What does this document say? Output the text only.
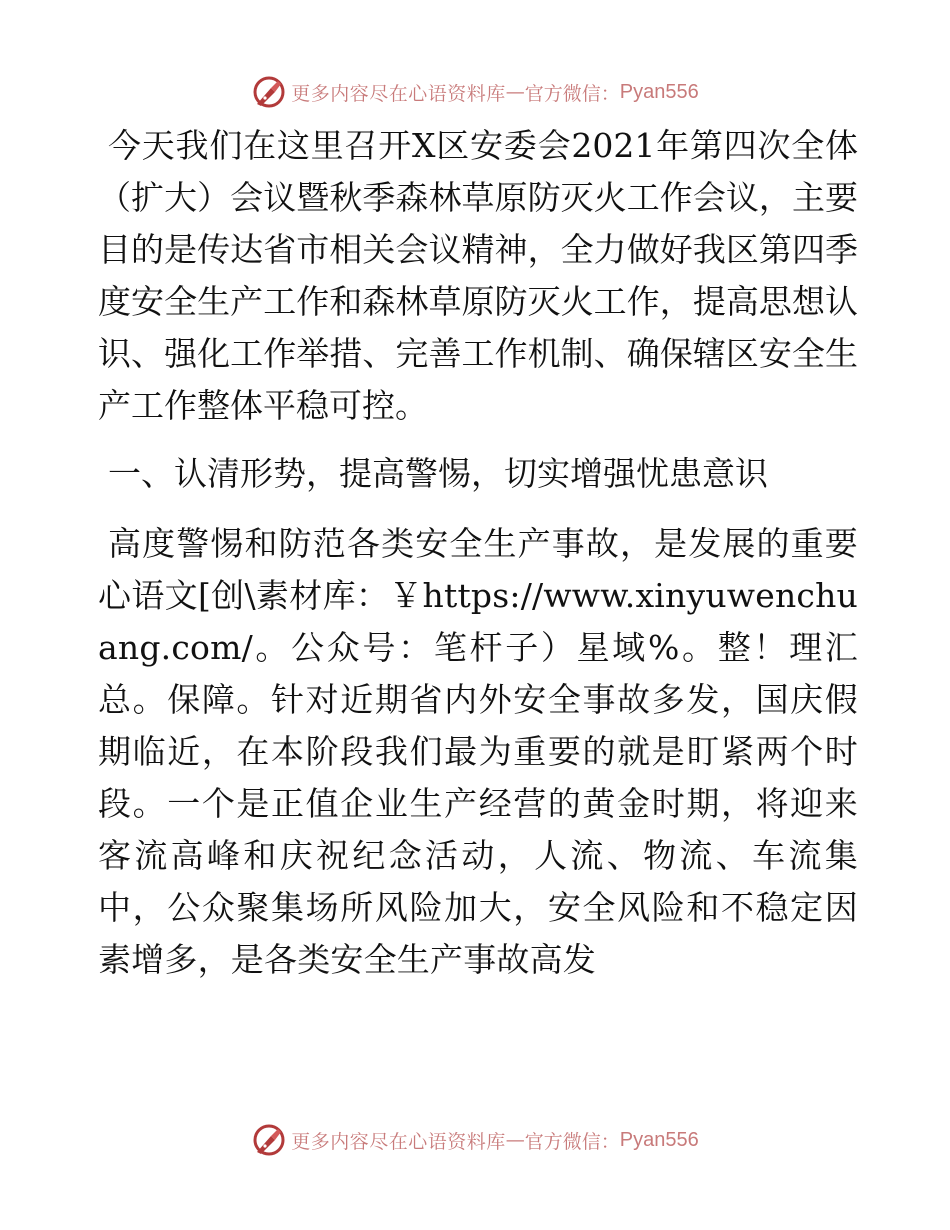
更多内容尽在心语资料库 — 官方微信： Pyan556

今天我们在这里召开X区安委会2021年第四次全体（扩大）会议暨秋季森林草原防灭火工作会议，主要目的是传达省市相关会议精神，全力做好我区第四季度安全生产工作和森林草原防灭火工作，提高思想认识、强化工作举措、完善工作机制、确保辖区安全生产工作整体平稳可控。

一、认清形势，提高警惕，切实增强忧患意识

高度警惕和防范各类安全生产事故，是发展的重要心语文[创\素材库：￥https://www.xinyuwenchuang.com/。公众号：笔杆子）星域%。整！理汇总。保障。针对近期省内外安全事故多发，国庆假期临近，在本阶段我们最为重要的就是盯紧两个时段。一个是正值企业生产经营的黄金时期，将迎来客流高峰和庆祝纪念活动，人流、物流、车流集中，公众聚集场所风险加大，安全风险和不稳定因素增多，是各类安全生产事故高发

更多内容尽在心语资料库 — 官方微信： Pyan556
